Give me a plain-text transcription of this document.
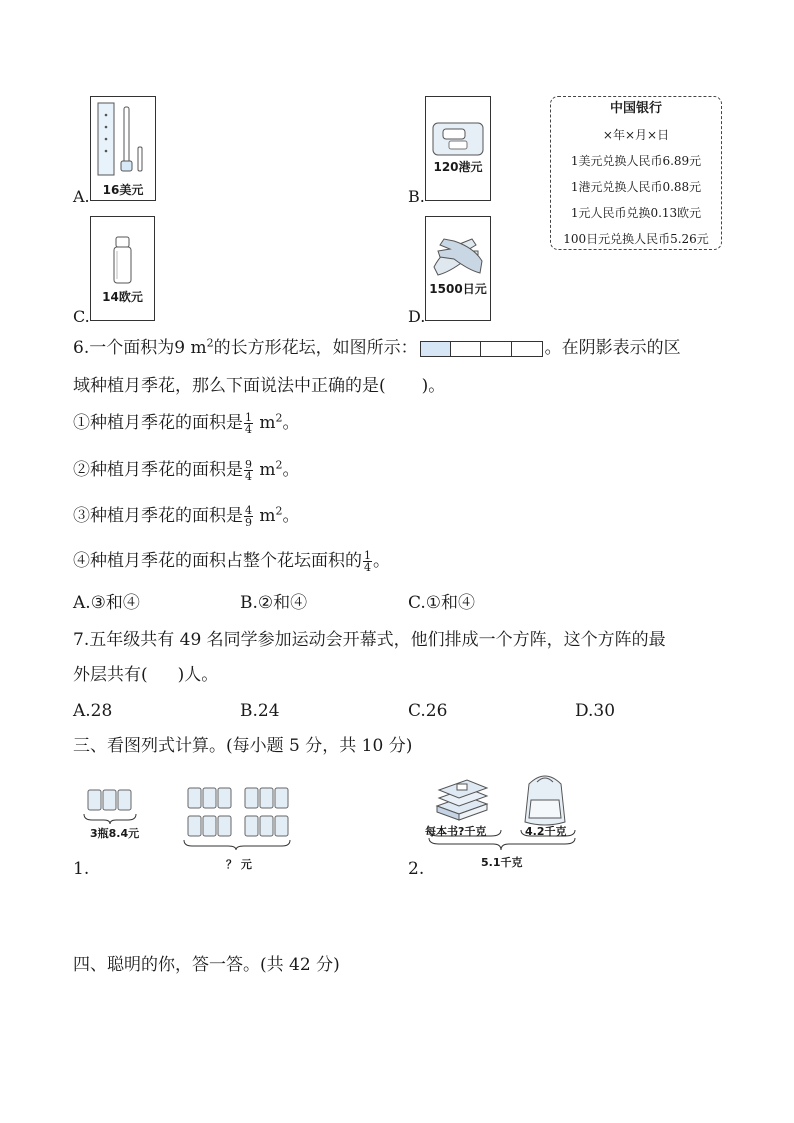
A.	16美元	B.
120港元
C.
14欧元
D.
1500日元
中国银行
×年×月×日
1美元兑换人民币6.89元
1港元兑换人民币0.88元
1元人民币兑换0.13欧元
100日元兑换人民币5.26元
6.一个面积为9 $m^2$的长方形花坛，如图所示：	。在阴影表示的区
域种植月季花，那么下面说法中正确的是( )。
①种植月季花的面积是 $\frac{1}{4} m^2$。
②种植月季花的面积是 $\frac{9}{4} m^2$。
③种植月季花的面积是 $\frac{4}{9} m^2$。
④种植月季花的面积占整个花坛面积的 $\frac{1}{4}$ 。
A.③和④	B.②和④	C.①和④
7.五年级共有 49 名同学参加运动会开幕式，他们排成一个方阵，这个方阵的最
外层共有( )人。
A.28	B.24	C.26	D.30
三、看图列式计算。(每小题 5 分，共 10 分)
3瓶8.4元
？ 元
1.
每本书?千克	4.2千克
5.1千克
2.
四、聪明的你，答一答。(共 42 分)
